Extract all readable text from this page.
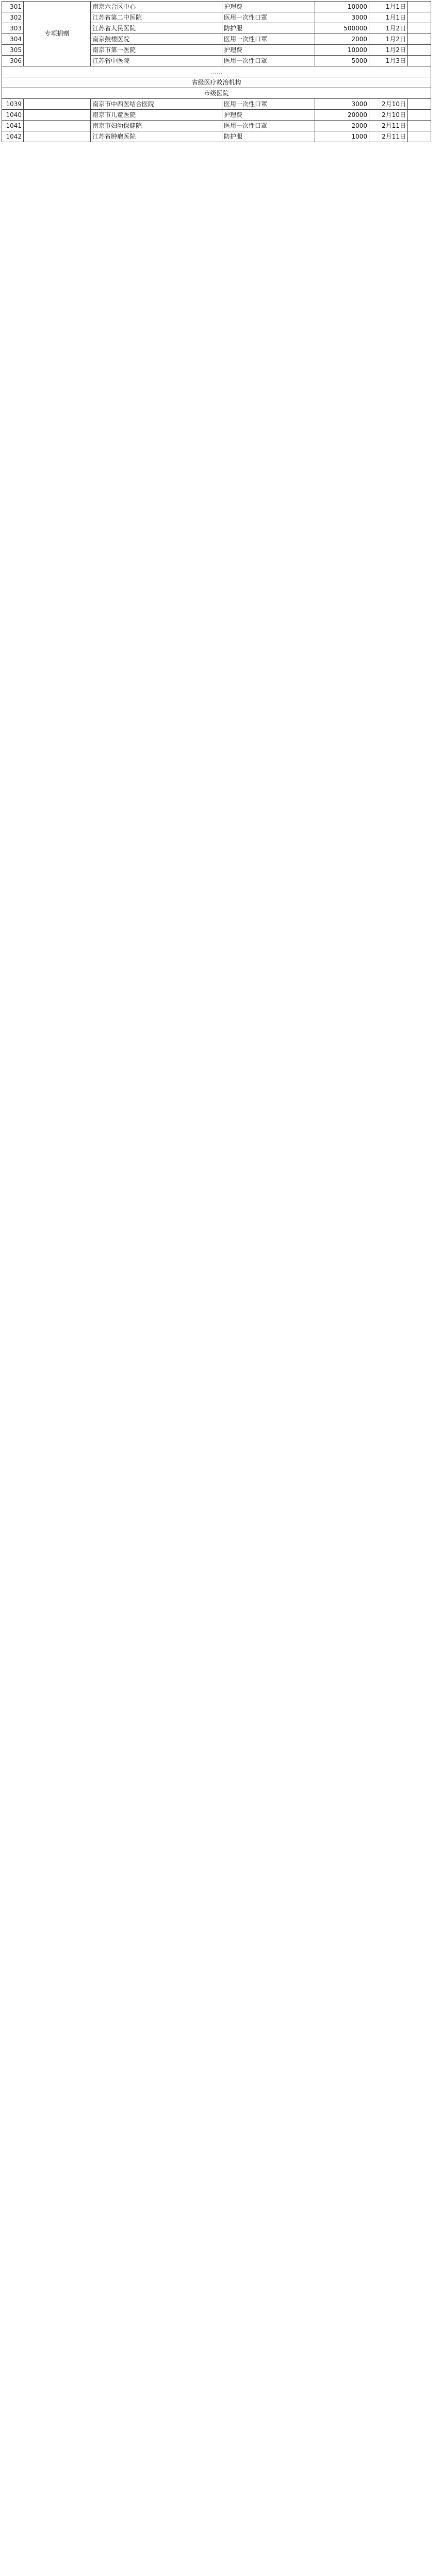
301	专项捐赠	南京六合区中心	护理费	10000	1月1日	
302		江苏省第二中医院	医用一次性口罩	3000	1月1日	
303		江苏省人民医院	防护服	500000	1月2日	
304		南京鼓楼医院	医用一次性口罩	2000	1月2日	
305		南京市第一医院	护理费	10000	1月2日	
306		江苏省中医院	医用一次性口罩	5000	1月3日	
……						
省级医疗救治机构						
市级医院						
1039		南京市中西医结合医院	医用一次性口罩	3000	2月10日	
1040		南京市儿童医院	护理费	20000	2月10日	
1041		南京市妇幼保健院	医用一次性口罩	2000	2月11日	
1042		江苏省肿瘤医院	防护服	1000	2月11日	
